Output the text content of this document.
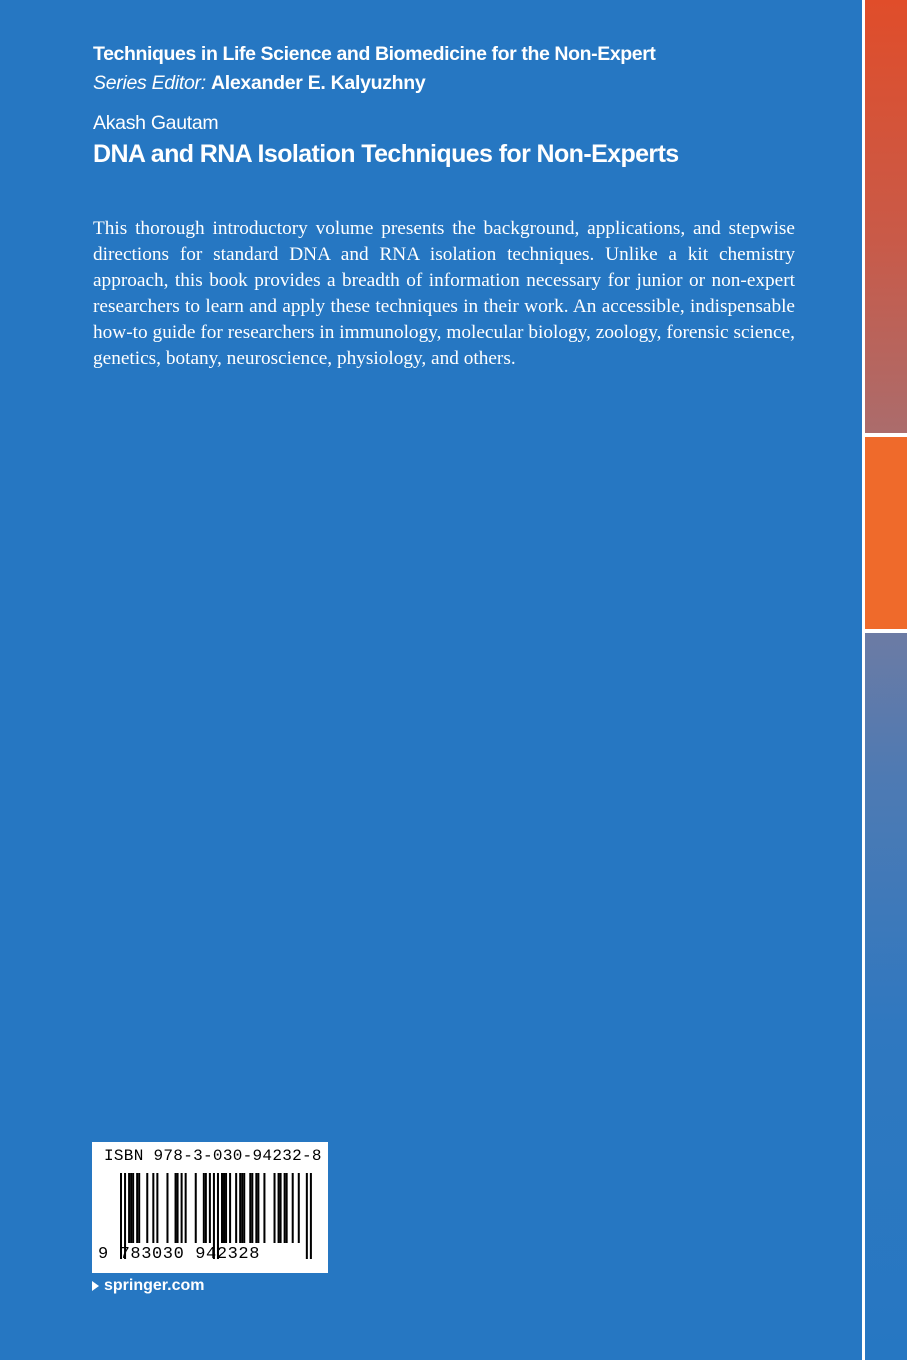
Techniques in Life Science and Biomedicine for the Non-Expert
Series Editor: Alexander E. Kalyuzhny
Akash Gautam
DNA and RNA Isolation Techniques for Non-Experts
This thorough introductory volume presents the background, applications, and stepwise directions for standard DNA and RNA isolation techniques. Unlike a kit chemistry approach, this book provides a breadth of information necessary for junior or non-expert researchers to learn and apply these techniques in their work. An accessible, indispensable how-to guide for researchers in immunology, molecular biology, zoology, forensic science, genetics, botany, neuroscience, physiology, and others.
ISBN 978-3-030-94232-8
9 783030 942328
springer.com
